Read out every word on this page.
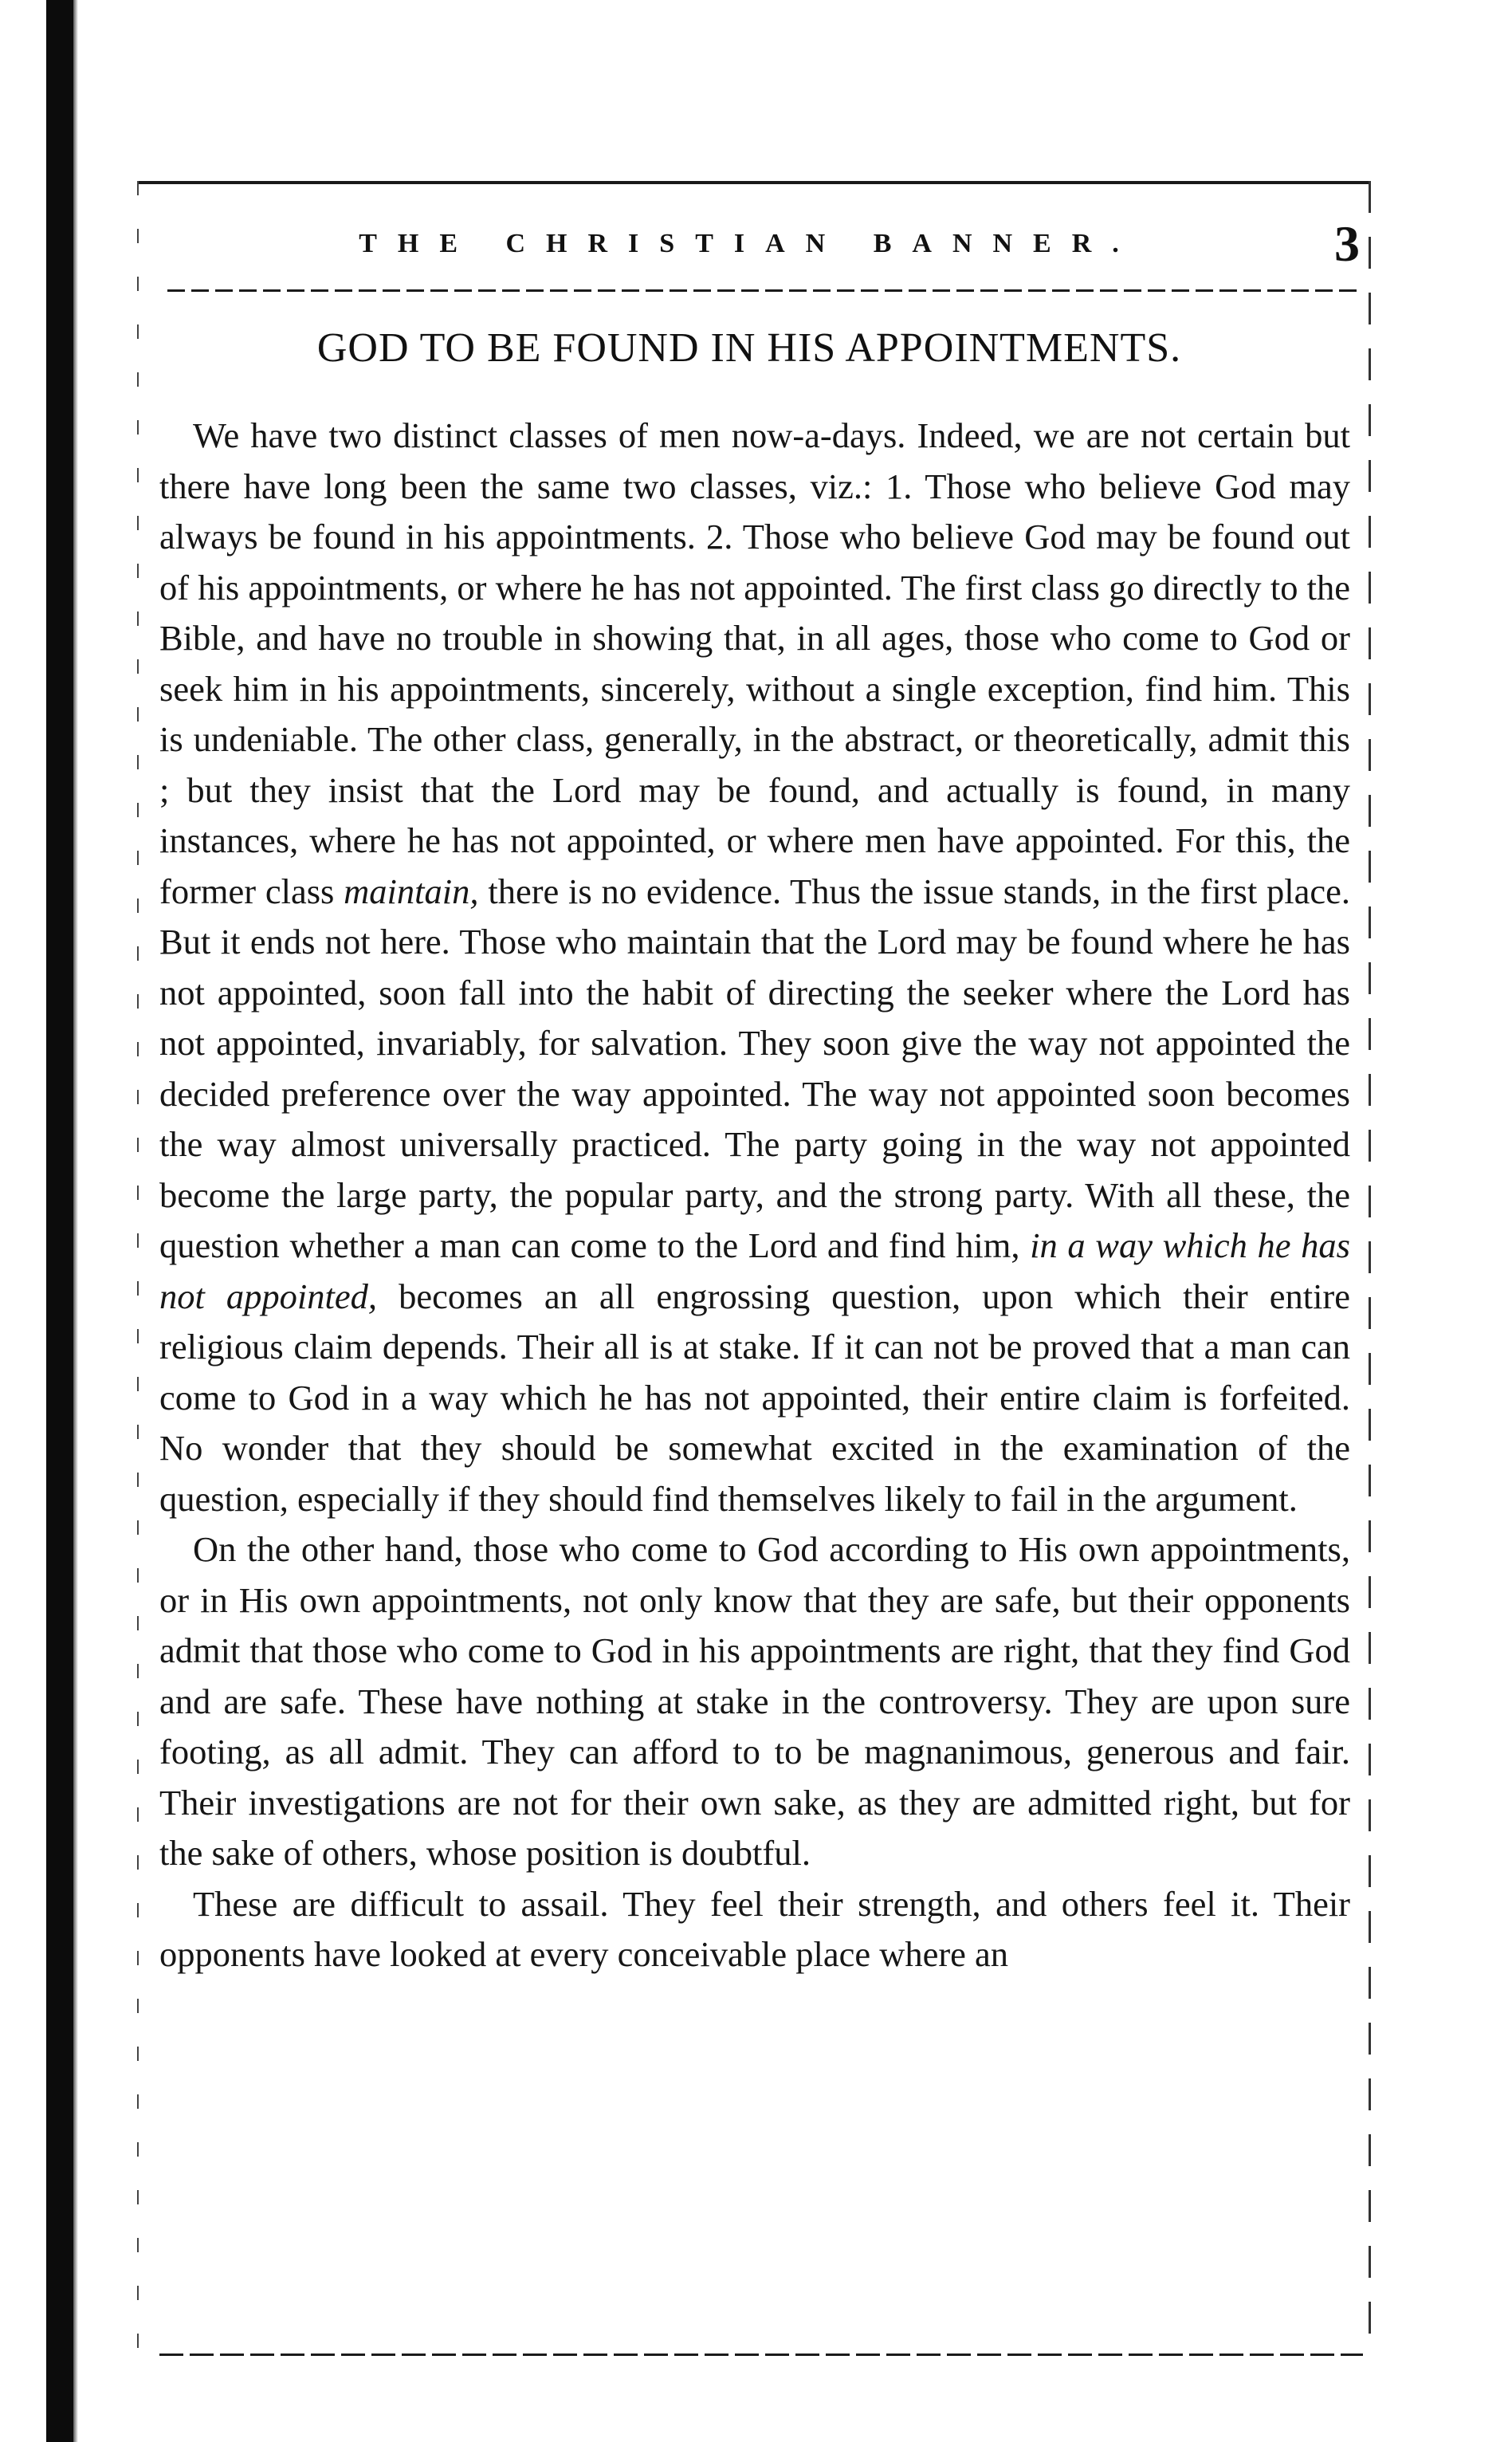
THE CHRISTIAN BANNER.	3
GOD TO BE FOUND IN HIS APPOINTMENTS.

We have two distinct classes of men now-a-days. Indeed, we are not certain but there have long been the same two classes, viz.: 1. Those who believe God may always be found in his appointments. 2. Those who believe God may be found out of his appointments, or where he has not appointed. The first class go directly to the Bible, and have no trouble in showing that, in all ages, those who come to God or seek him in his appointments, sincerely, without a single exception, find him. This is undeniable. The other class, generally, in the abstract, or theoretically, admit this ; but they insist that the Lord may be found, and actually is found, in many instances, where he has not appointed, or where men have appointed. For this, the former class maintain, there is no evidence. Thus the issue stands, in the first place. But it ends not here. Those who maintain that the Lord may be found where he has not appointed, soon fall into the habit of directing the seeker where the Lord has not appointed, invariably, for salvation. They soon give the way not appointed the decided preference over the way appointed. The way not appointed soon becomes the way almost universally practiced. The party going in the way not appointed become the large party, the popular party, and the strong party. With all these, the question whether a man can come to the Lord and find him, in a way which he has not appointed, becomes an all engrossing question, upon which their entire religious claim depends. Their all is at stake. If it can not be proved that a man can come to God in a way which he has not appointed, their entire claim is forfeited. No wonder that they should be somewhat excited in the examination of the question, especially if they should find themselves likely to fail in the argument.

On the other hand, those who come to God according to His own appointments, or in His own appointments, not only know that they are safe, but their opponents admit that those who come to God in his appointments are right, that they find God and are safe. These have nothing at stake in the controversy. They are upon sure footing, as all admit. They can afford to to be magnanimous, generous and fair. Their investigations are not for their own sake, as they are admitted right, but for the sake of others, whose position is doubtful.

These are difficult to assail. They feel their strength, and others feel it. Their opponents have looked at every conceivable place where an
